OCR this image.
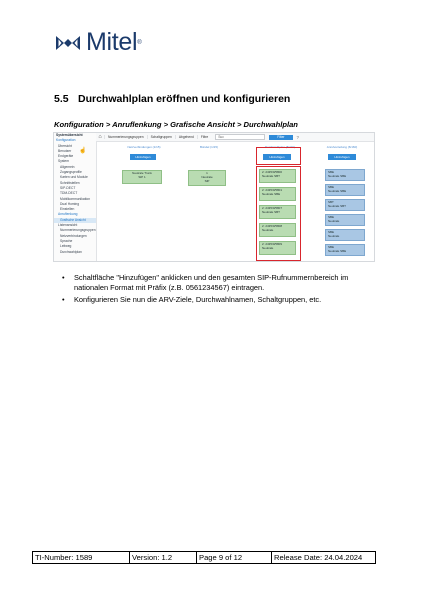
Mitel ®
5.5 Durchwahlplan eröffnen und konfigurieren
Konfiguration > Anruflenkung > Grafische Ansicht > Durchwahlplan
Systemübersicht
Konfiguration
Übersicht
Benutzer
Endgeräte
System
Allgemein
Zugangsprofile
Karten und Module
Schnittstellen
SIP-DECT
TDM-DECT
Mobilkommunikation
Dual Homing
Einstellen
Anruflenkung
Grafische Ansicht
Listenansicht
Nummerierungsgruppen
Netzverbindungen
Sprache
Leitweg
Durchwahlplan
☝
⌂	Nummerierungsgruppen	Schaltgruppen	Abgehend	Filtre	Suc	Filter	?
Netzverbindungen (1/15)	Bündel (1/15)	Durchwahlplan (5/116)	Anrufverteilung (6/160)
Hinzufügen	Hinzufügen	Hinzufügen
Neutrale Trunk
SIP 1
1
Neutrale
SIP
2: 2435/0/5800
Neutrale SBT
2: 2435/0/5801
Neutrale SBE
2: 2435/0/5807
Neutrale SBT
2: 2435/0/5808
Neutrale
2: 2435/0/5809
Neutrale
SBE
Neutrale SBE
SBE
Neutrale SBE
SBT
Neutrale SBT
SBE
Neutrale
SBE
Neutrale
SBE
Neutrale SBE
• Schaltfläche "Hinzufügen" anklicken und den gesamten SIP-Rufnummernbereich im nationalen Format mit Präfix (z.B. 0561234567) eintragen.
• Konfigurieren Sie nun die ARV-Ziele, Durchwahlnamen, Schaltgruppen, etc.
TI-Number: 1589	Version: 1.2	Page 9 of 12	Release Date: 24.04.2024
